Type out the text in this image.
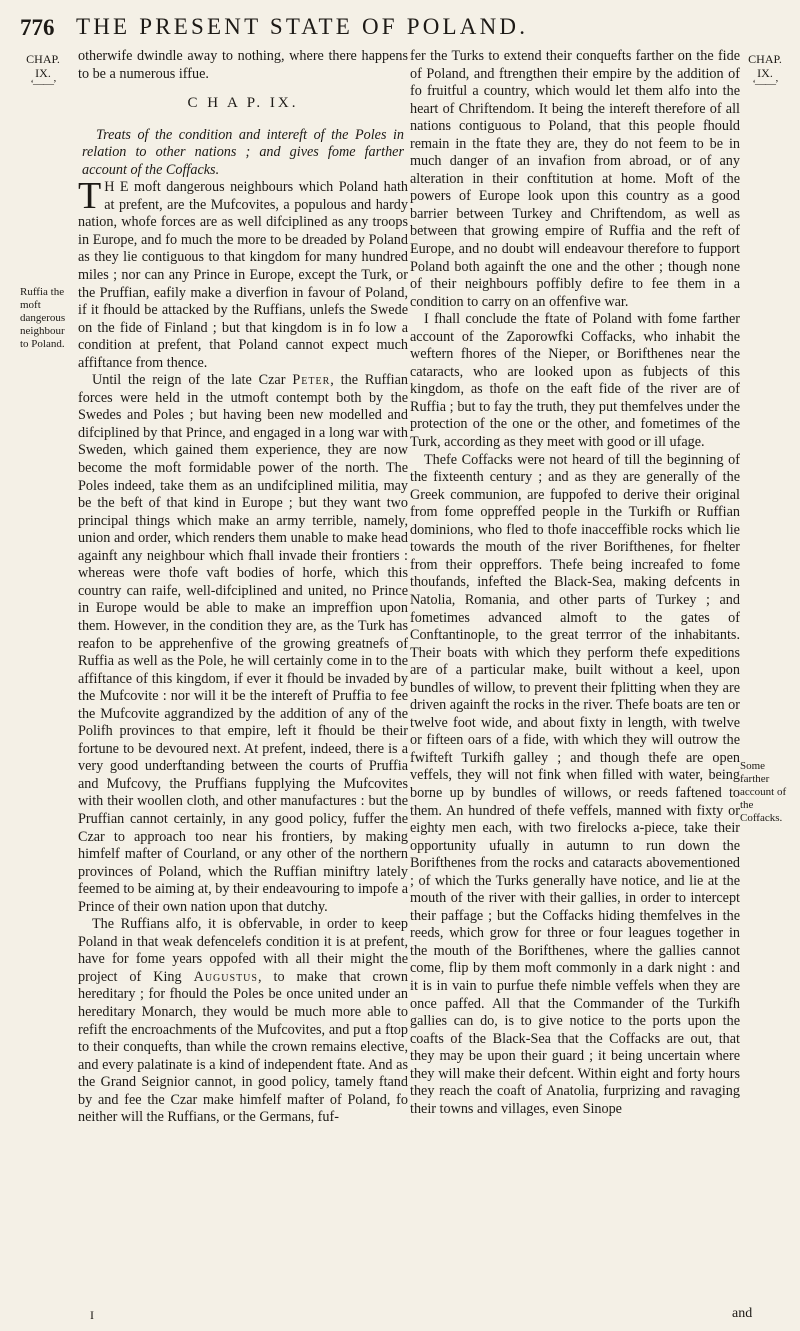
776 THE PRESENT STATE OF POLAND.
CHAP.
IX.
‘——’
CHAP.
IX.
‘——’

otherwife dwindle away to nothing, where there happens to be a numerous iffue.

C H A P. IX.

Treats of the condition and intereft of the Poles in relation to other nations ; and gives fome farther account of the Coffacks.

T H E moft dangerous neighbours which Poland hath at prefent, are the Mufcovites, a populous and hardy nation, whofe forces are as well difciplined as any troops in Europe, and fo much the more to be dreaded by Poland as they lie contiguous to that kingdom for many hundred miles ; nor can any Prince in Europe, except the Turk, or the Pruffian, eafily make a diverfion in favour of Poland, if it fhould be attacked by the Ruffians, unlefs the Swede on the fide of Finland ; but that kingdom is in fo low a condition at prefent, that Poland cannot expect much affiftance from thence.

Until the reign of the late Czar Peter, the Ruffian forces were held in the utmoft contempt both by the Swedes and Poles ; but having been new modelled and difciplined by that Prince, and engaged in a long war with Sweden, which gained them experience, they are now become the moft formidable power of the north. The Poles indeed, take them as an undifciplined militia, may be the beft of that kind in Europe ; but they want two principal things which make an army terrible, namely, union and order, which renders them unable to make head againft any neighbour which fhall invade their frontiers : whereas were thofe vaft bodies of horfe, which this country can raife, well-difciplined and united, no Prince in Europe would be able to make an impreffion upon them. However, in the condition they are, as the Turk has reafon to be apprehenfive of the growing greatnefs of Ruffia as well as the Pole, he will certainly come in to the affiftance of this kingdom, if ever it fhould be invaded by the Mufcovite : nor will it be the intereft of Pruffia to fee the Mufcovite aggrandized by the addition of any of the Polifh provinces to that empire, left it fhould be their fortune to be devoured next. At prefent, indeed, there is a very good underftanding between the courts of Pruffia and Mufcovy, the Pruffians fupplying the Mufcovites with their woollen cloth, and other manufactures : but the Pruffian cannot certainly, in any good policy, fuffer the Czar to approach too near his frontiers, by making himfelf mafter of Courland, or any other of the northern provinces of Poland, which the Ruffian miniftry lately feemed to be aiming at, by their endeavouring to impofe a Prince of their own nation upon that dutchy.

The Ruffians alfo, it is obfervable, in order to keep Poland in that weak defencelefs condition it is at prefent, have for fome years oppofed with all their might the project of King Augustus, to make that crown hereditary ; for fhould the Poles be once united under an hereditary Monarch, they would be much more able to refift the encroachments of the Mufcovites, and put a ftop to their conquefts, than while the crown remains elective, and every palatinate is a kind of independent ftate. And as the Grand Seignior cannot, in good policy, tamely ftand by and fee the Czar make himfelf mafter of Poland, fo neither will the Ruffians, or the Germans, fuf-

fer the Turks to extend their conquefts farther on the fide of Poland, and ftrengthen their empire by the addition of fo fruitful a country, which would let them alfo into the heart of Chriftendom. It being the intereft therefore of all nations contiguous to Poland, that this people fhould remain in the ftate they are, they do not feem to be in much danger of an invafion from abroad, or of any alteration in their conftitution at home. Moft of the powers of Europe look upon this country as a good barrier between Turkey and Chriftendom, as well as between that growing empire of Ruffia and the reft of Europe, and no doubt will endeavour therefore to fupport Poland both againft the one and the other ; though none of their neighbours poffibly defire to fee them in a condition to carry on an offenfive war.

I fhall conclude the ftate of Poland with fome farther account of the Zaporowfki Coffacks, who inhabit the weftern fhores of the Nieper, or Borifthenes near the cataracts, who are looked upon as fubjects of this kingdom, as thofe on the eaft fide of the river are of Ruffia ; but to fay the truth, they put themfelves under the protection of the one or the other, and fometimes of the Turk, according as they meet with good or ill ufage.

Thefe Coffacks were not heard of till the beginning of the fixteenth century ; and as they are generally of the Greek communion, are fuppofed to derive their original from fome oppreffed people in the Turkifh or Ruffian dominions, who fled to thofe inacceffible rocks which lie towards the mouth of the river Borifthenes, for fhelter from their oppreffors. Thefe being increafed to fome thoufands, infefted the Black-Sea, making defcents in Natolia, Romania, and other parts of Turkey ; and fometimes advanced almoft to the gates of Conftantinople, to the great terrror of the inhabitants. Their boats with which they perform thefe expeditions are of a particular make, built without a keel, upon bundles of willow, to prevent their fplitting when they are driven againft the rocks in the river. Thefe boats are ten or twelve foot wide, and about fixty in length, with twelve or fifteen oars of a fide, with which they will outrow the fwifteft Turkifh galley ; and though thefe are open veffels, they will not fink when filled with water, being borne up by bundles of willows, or reeds faftened to them. An hundred of thefe veffels, manned with fixty or eighty men each, with two firelocks a-piece, take their opportunity ufually in autumn to run down the Borifthenes from the rocks and cataracts abovementioned ; of which the Turks generally have notice, and lie at the mouth of the river with their gallies, in order to intercept their paffage ; but the Coffacks hiding themfelves in the reeds, which grow for three or four leagues together in the mouth of the Borifthenes, where the gallies cannot come, flip by them moft commonly in a dark night : and it is in vain to purfue thefe nimble veffels when they are once paffed. All that the Commander of the Turkifh gallies can do, is to give notice to the ports upon the coafts of the Black-Sea that the Coffacks are out, that they may be upon their guard ; it being uncertain where they will make their defcent. Within eight and forty hours they reach the coaft of Anatolia, furprizing and ravaging their towns and villages, even Sinope

Ruffia the moft dangerous neighbour to Poland.
Some farther account of the Coffacks.
I	and
